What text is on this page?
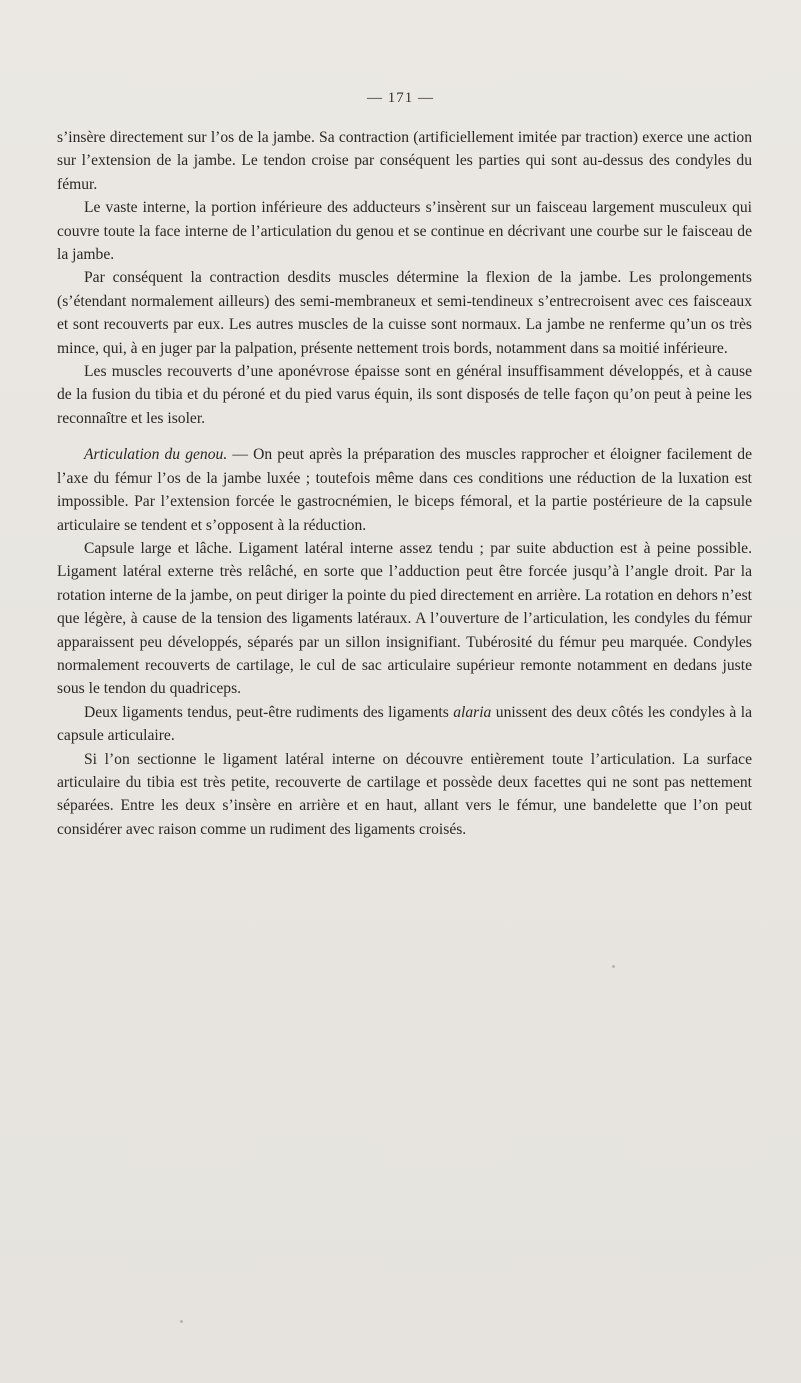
— 171 —

s’insère directement sur l’os de la jambe. Sa contraction (artificiellement imitée par traction) exerce une action sur l’extension de la jambe. Le tendon croise par conséquent les parties qui sont au-dessus des condyles du fémur.

Le vaste interne, la portion inférieure des adducteurs s’insèrent sur un faisceau largement musculeux qui couvre toute la face interne de l’articulation du genou et se continue en décrivant une courbe sur le faisceau de la jambe.

Par conséquent la contraction desdits muscles détermine la flexion de la jambe. Les prolongements (s’étendant normalement ailleurs) des semi-membraneux et semi-tendineux s’entrecroisent avec ces faisceaux et sont recouverts par eux. Les autres muscles de la cuisse sont normaux. La jambe ne renferme qu’un os très mince, qui, à en juger par la palpation, présente nettement trois bords, notamment dans sa moitié inférieure.

Les muscles recouverts d’une aponévrose épaisse sont en général insuffisamment développés, et à cause de la fusion du tibia et du péroné et du pied varus équin, ils sont disposés de telle façon qu’on peut à peine les reconnaître et les isoler.

Articulation du genou. — On peut après la préparation des muscles rapprocher et éloigner facilement de l’axe du fémur l’os de la jambe luxée ; toutefois même dans ces conditions une réduction de la luxation est impossible. Par l’extension forcée le gastrocnémien, le biceps fémoral, et la partie postérieure de la capsule articulaire se tendent et s’opposent à la réduction.

Capsule large et lâche. Ligament latéral interne assez tendu ; par suite abduction est à peine possible. Ligament latéral externe très relâché, en sorte que l’adduction peut être forcée jusqu’à l’angle droit. Par la rotation interne de la jambe, on peut diriger la pointe du pied directement en arrière. La rotation en dehors n’est que légère, à cause de la tension des ligaments latéraux. A l’ouverture de l’articulation, les condyles du fémur apparaissent peu développés, séparés par un sillon insignifiant. Tubérosité du fémur peu marquée. Condyles normalement recouverts de cartilage, le cul de sac articulaire supérieur remonte notamment en dedans juste sous le tendon du quadriceps.

Deux ligaments tendus, peut-être rudiments des ligaments alaria unissent des deux côtés les condyles à la capsule articulaire.

Si l’on sectionne le ligament latéral interne on découvre entièrement toute l’articulation. La surface articulaire du tibia est très petite, recouverte de cartilage et possède deux facettes qui ne sont pas nettement séparées. Entre les deux s’insère en arrière et en haut, allant vers le fémur, une bandelette que l’on peut considérer avec raison comme un rudiment des ligaments croisés.
